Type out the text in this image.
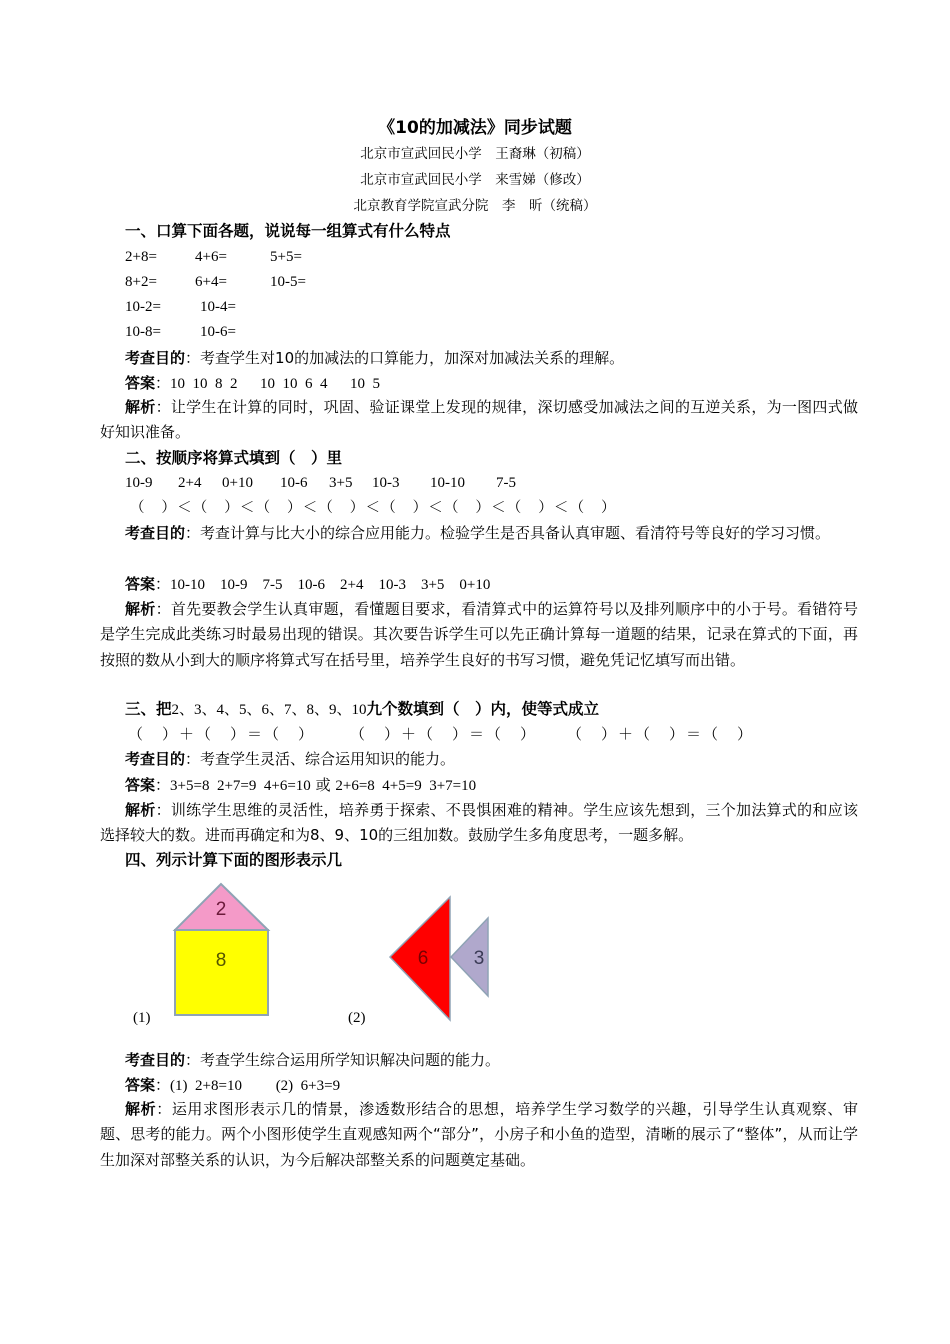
《10的加减法》同步试题
北京市宣武回民小学　王裔琳（初稿）
北京市宣武回民小学　来雪娣（修改）
北京教育学院宣武分院　李　昕（统稿）
一、口算下面各题，说说每一组算式有什么特点
2+8=	4+6=	5+5=
8+2=	6+4=	10-5=
10-2=	10-4=
10-8=	10-6=
考查目的：考查学生对10的加减法的口算能力，加深对加减法关系的理解。
答案：10  10  8  2　  10  10  6  4　  10  5
解析：让学生在计算的同时，巩固、验证课堂上发现的规律，深切感受加减法之间的互逆关系，为一图四式做好知识准备。
二、按顺序将算式填到（　）里
10-9 2+4 0+10 10-6 3+5 10-3 10-10 7-5
（　）＜（　）＜（　）＜（　）＜（　）＜（　）＜（　）＜（　）
考查目的：考查计算与比大小的综合应用能力。检验学生是否具备认真审题、看清符号等良好的学习习惯。
答案：10-10　10-9　7-5　10-6　2+4　10-3　3+5　0+10
解析：首先要教会学生认真审题，看懂题目要求，看清算式中的运算符号以及排列顺序中的小于号。看错符号是学生完成此类练习时最易出现的错误。其次要告诉学生可以先正确计算每一道题的结果，记录在算式的下面，再按照的数从小到大的顺序将算式写在括号里，培养学生良好的书写习惯，避免凭记忆填写而出错。
三、把2、3、4、5、6、7、8、9、10九个数填到（　）内，使等式成立
（　）＋（　）＝（　） （　）＋（　）＝（　） （　）＋（　）＝（　）
考查目的：考查学生灵活、综合运用知识的能力。
答案：3+5=8  2+7=9  4+6=10 或 2+6=8  4+5=9  3+7=10
解析：训练学生思维的灵活性，培养勇于探索、不畏惧困难的精神。学生应该先想到，三个加法算式的和应该选择较大的数。进而再确定和为8、9、10的三组加数。鼓励学生多角度思考，一题多解。
四、列示计算下面的图形表示几
2
8
(1)
6 3
(2)
考查目的：考查学生综合运用所学知识解决问题的能力。
答案：(1)  2+8=10　　 (2)  6+3=9
解析：运用求图形表示几的情景，渗透数形结合的思想，培养学生学习数学的兴趣，引导学生认真观察、审题、思考的能力。两个小图形使学生直观感知两个“部分”，小房子和小鱼的造型，清晰的展示了“整体”，从而让学生加深对部整关系的认识，为今后解决部整关系的问题奠定基础。
